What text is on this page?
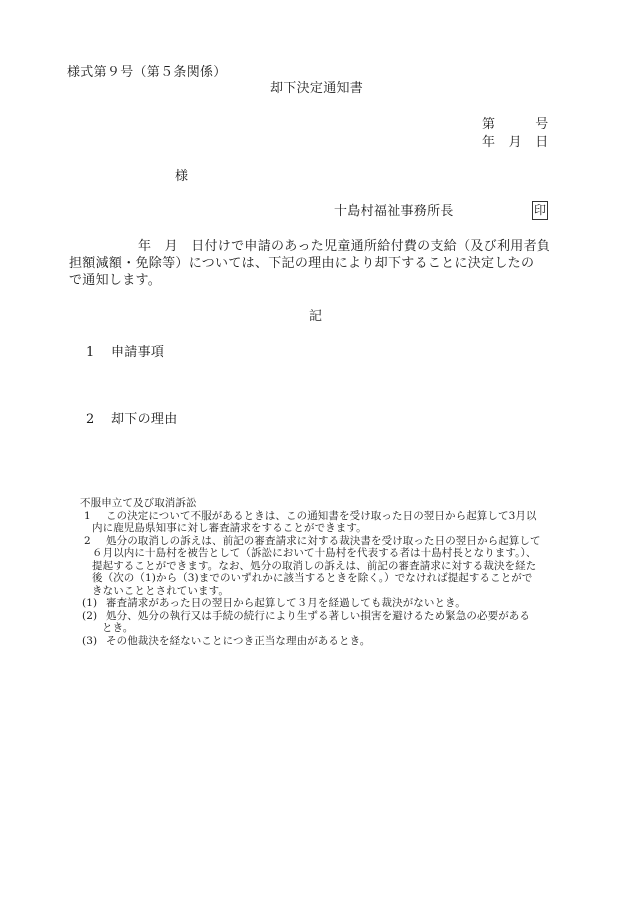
様式第９号（第５条関係）
却下決定通知書
第　　　号
年　月　日
様
十島村福祉事務所長	印
年　月　日付けで申請のあった児童通所給付費の支給（及び利用者負
担額減額・免除等）については、下記の理由により却下することに決定したの
で通知します。
記
1 申請事項
2 却下の理由
不服申立て及び取消訴訟
1 この決定について不服があるときは、この通知書を受け取った日の翌日から起算して3月以
内に鹿児島県知事に対し審査請求をすることができます。
2 処分の取消しの訴えは、前記の審査請求に対する裁決書を受け取った日の翌日から起算して
６月以内に十島村を被告として（訴訟において十島村を代表する者は十島村長となります。）、
提起することができます。なお、処分の取消しの訴えは、前記の審査請求に対する裁決を経た
後（次の（1)から（3)までのいずれかに該当するときを除く。）でなければ提起することがで
きないこととされています。
(1) 審査請求があった日の翌日から起算して３月を経過しても裁決がないとき。
(2) 処分、処分の執行又は手続の続行により生ずる著しい損害を避けるため緊急の必要がある
とき。
(3) その他裁決を経ないことにつき正当な理由があるとき。
